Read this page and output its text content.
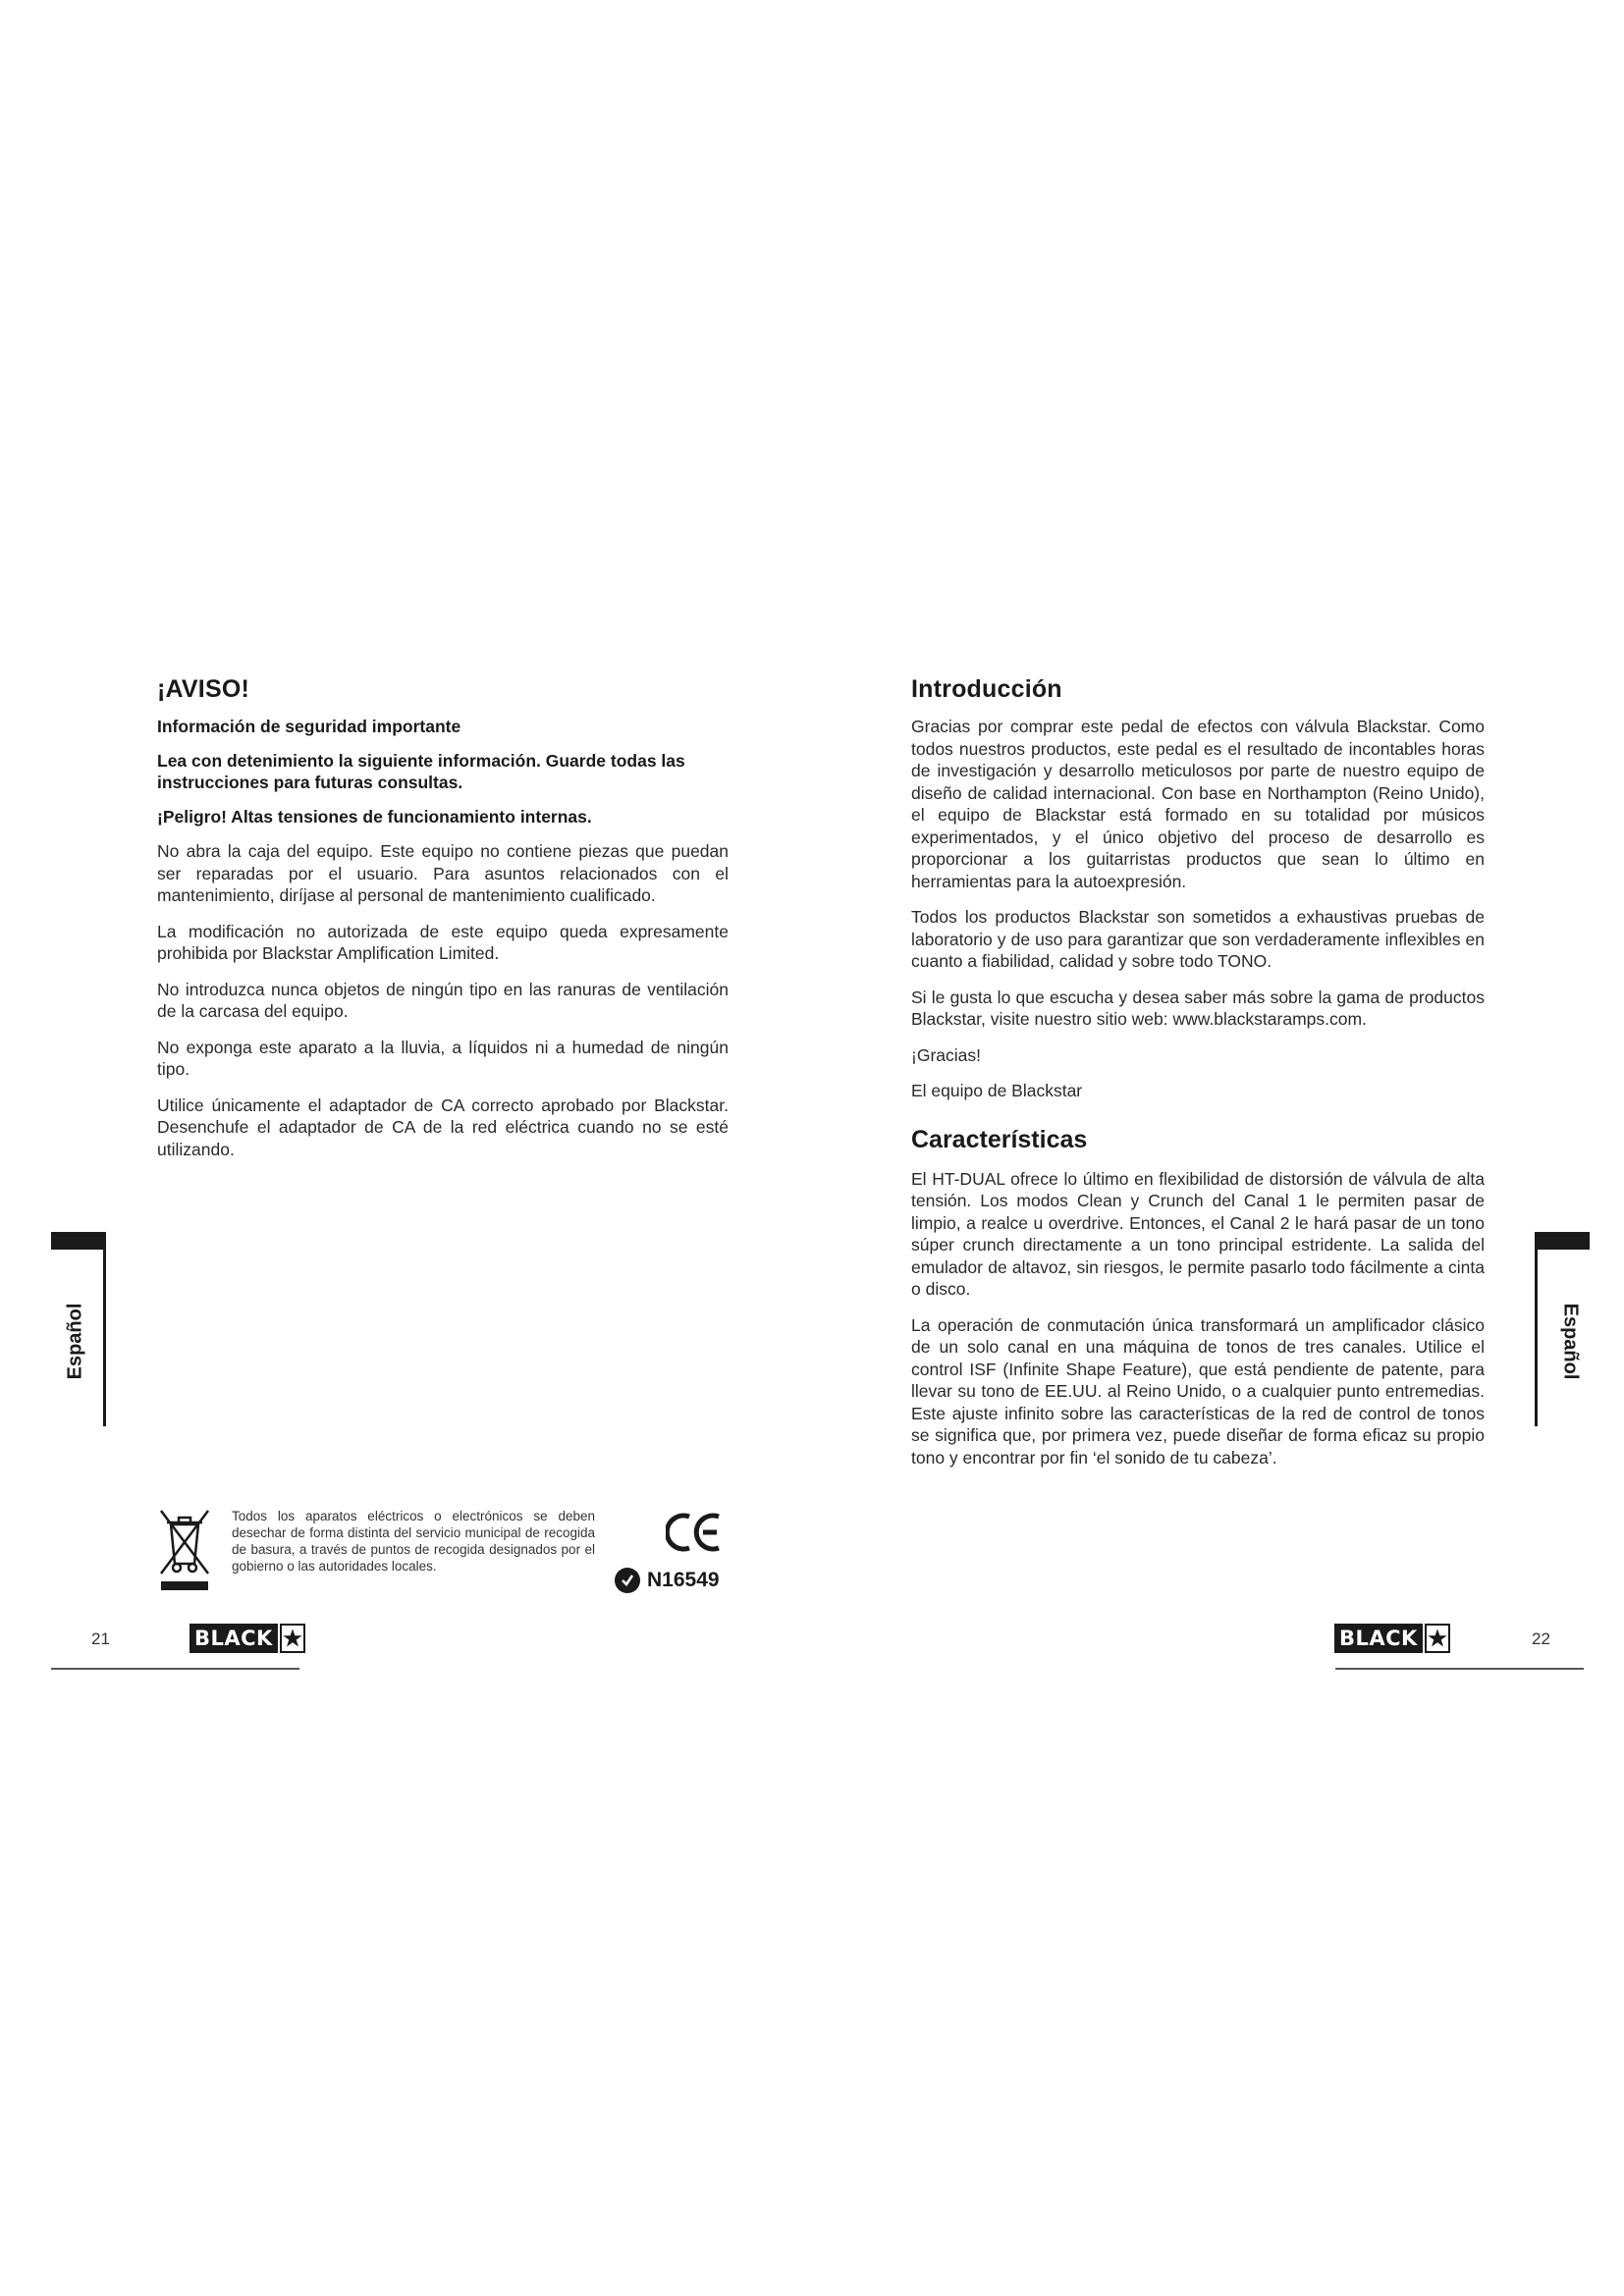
¡AVISO!

Información de seguridad importante

Lea con detenimiento la siguiente información. Guarde todas las instrucciones para futuras consultas.

¡Peligro! Altas tensiones de funcionamiento internas.

No abra la caja del equipo. Este equipo no contiene piezas que puedan ser reparadas por el usuario. Para asuntos relacionados con el mantenimiento, diríjase al personal de mantenimiento cualificado.

La modificación no autorizada de este equipo queda expresamente prohibida por Blackstar Amplification Limited.

No introduzca nunca objetos de ningún tipo en las ranuras de ventilación de la carcasa del equipo.

No exponga este aparato a la lluvia, a líquidos ni a humedad de ningún tipo.

Utilice únicamente el adaptador de CA correcto aprobado por Blackstar. Desenchufe el adaptador de CA de la red eléctrica cuando no se esté utilizando.

Español
Todos los aparatos eléctricos o electrónicos se deben desechar de forma distinta del servicio municipal de recogida de basura, a través de puntos de recogida designados por el gobierno o las autoridades locales.
N16549
21	BLACK
Introducción

Gracias por comprar este pedal de efectos con válvula Blackstar. Como todos nuestros productos, este pedal es el resultado de incontables horas de investigación y desarrollo meticulosos por parte de nuestro equipo de diseño de calidad internacional. Con base en Northampton (Reino Unido), el equipo de Blackstar está formado en su totalidad por músicos experimentados, y el único objetivo del proceso de desarrollo es proporcionar a los guitarristas productos que sean lo último en herramientas para la autoexpresión.

Todos los productos Blackstar son sometidos a exhaustivas pruebas de laboratorio y de uso para garantizar que son verdaderamente inflexibles en cuanto a fiabilidad, calidad y sobre todo TONO.

Si le gusta lo que escucha y desea saber más sobre la gama de productos Blackstar, visite nuestro sitio web: www.blackstaramps.com.

¡Gracias!

El equipo de Blackstar

Características

El HT-DUAL ofrece lo último en flexibilidad de distorsión de válvula de alta tensión. Los modos Clean y Crunch del Canal 1 le permiten pasar de limpio, a realce u overdrive. Entonces, el Canal 2 le hará pasar de un tono súper crunch directamente a un tono principal estridente. La salida del emulador de altavoz, sin riesgos, le permite pasarlo todo fácilmente a cinta o disco.

La operación de conmutación única transformará un amplificador clásico de un solo canal en una máquina de tonos de tres canales. Utilice el control ISF (Infinite Shape Feature), que está pendiente de patente, para llevar su tono de EE.UU. al Reino Unido, o a cualquier punto entremedias. Este ajuste infinito sobre las características de la red de control de tonos se significa que, por primera vez, puede diseñar de forma eficaz su propio tono y encontrar por fin ‘el sonido de tu cabeza’.

Español
BLACK	22
